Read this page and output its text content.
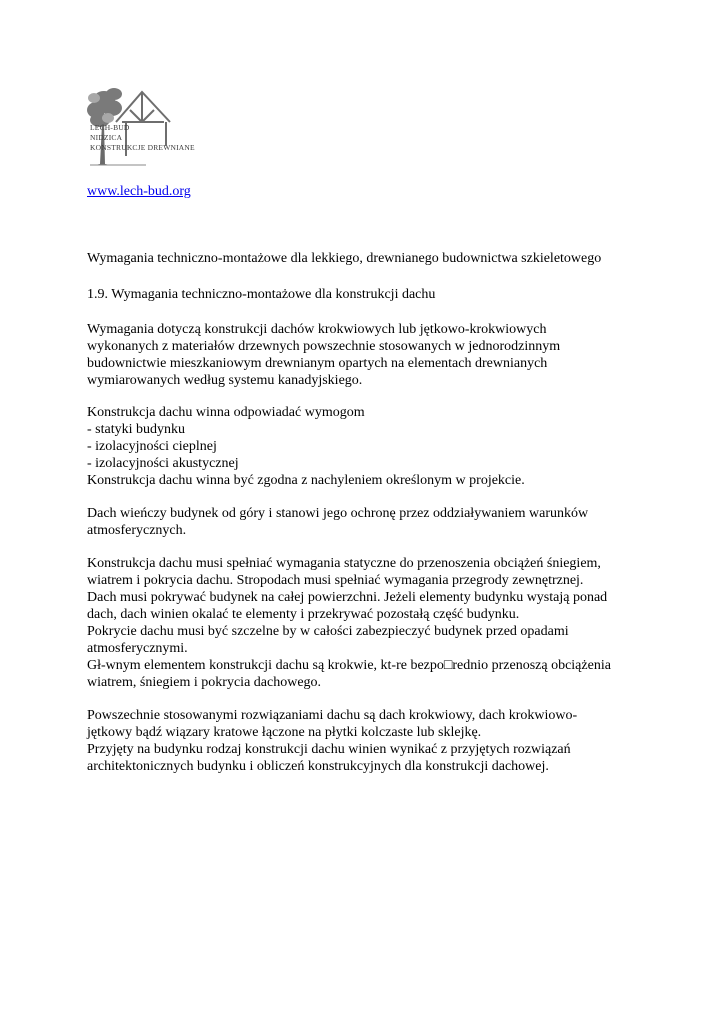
LECH-BUD
NIDZICA
KONSTRUKCJE DREWNIANE
www.lech-bud.org
Wymagania techniczno-montażowe dla lekkiego, drewnianego budownictwa szkieletowego
1.9. Wymagania techniczno-montażowe dla konstrukcji dachu
Wymagania dotyczą konstrukcji dachów krokwiowych lub jętkowo-krokwiowych
wykonanych z materiałów drzewnych powszechnie stosowanych w jednorodzinnym
budownictwie mieszkaniowym drewnianym opartych na elementach drewnianych
wymiarowanych według systemu kanadyjskiego.
Konstrukcja dachu winna odpowiadać wymogom
- statyki budynku
- izolacyjności cieplnej
- izolacyjności akustycznej
Konstrukcja dachu winna być zgodna z nachyleniem określonym w projekcie.
Dach wieńczy budynek od góry i stanowi jego ochronę przez oddziaływaniem warunków
atmosferycznych.
Konstrukcja dachu musi spełniać wymagania statyczne do przenoszenia obciążeń śniegiem,
wiatrem i pokrycia dachu. Stropodach musi spełniać wymagania przegrody zewnętrznej.
Dach musi pokrywać budynek na całej powierzchni. Jeżeli elementy budynku wystają ponad
dach, dach winien okalać te elementy i przekrywać pozostałą część budynku.
Pokrycie dachu musi być szczelne by w całości zabezpieczyć budynek przed opadami
atmosferycznymi.
Gł-wnym elementem konstrukcji dachu są krokwie, kt-re bezpo□rednio przenoszą obciążenia
wiatrem, śniegiem i pokrycia dachowego.
Powszechnie stosowanymi rozwiązaniami dachu są dach krokwiowy, dach krokwiowo-
jętkowy bądź wiązary kratowe łączone na płytki kolczaste lub sklejkę.
Przyjęty na budynku rodzaj konstrukcji dachu winien wynikać z przyjętych rozwiązań
architektonicznych budynku i obliczeń konstrukcyjnych dla konstrukcji dachowej.
